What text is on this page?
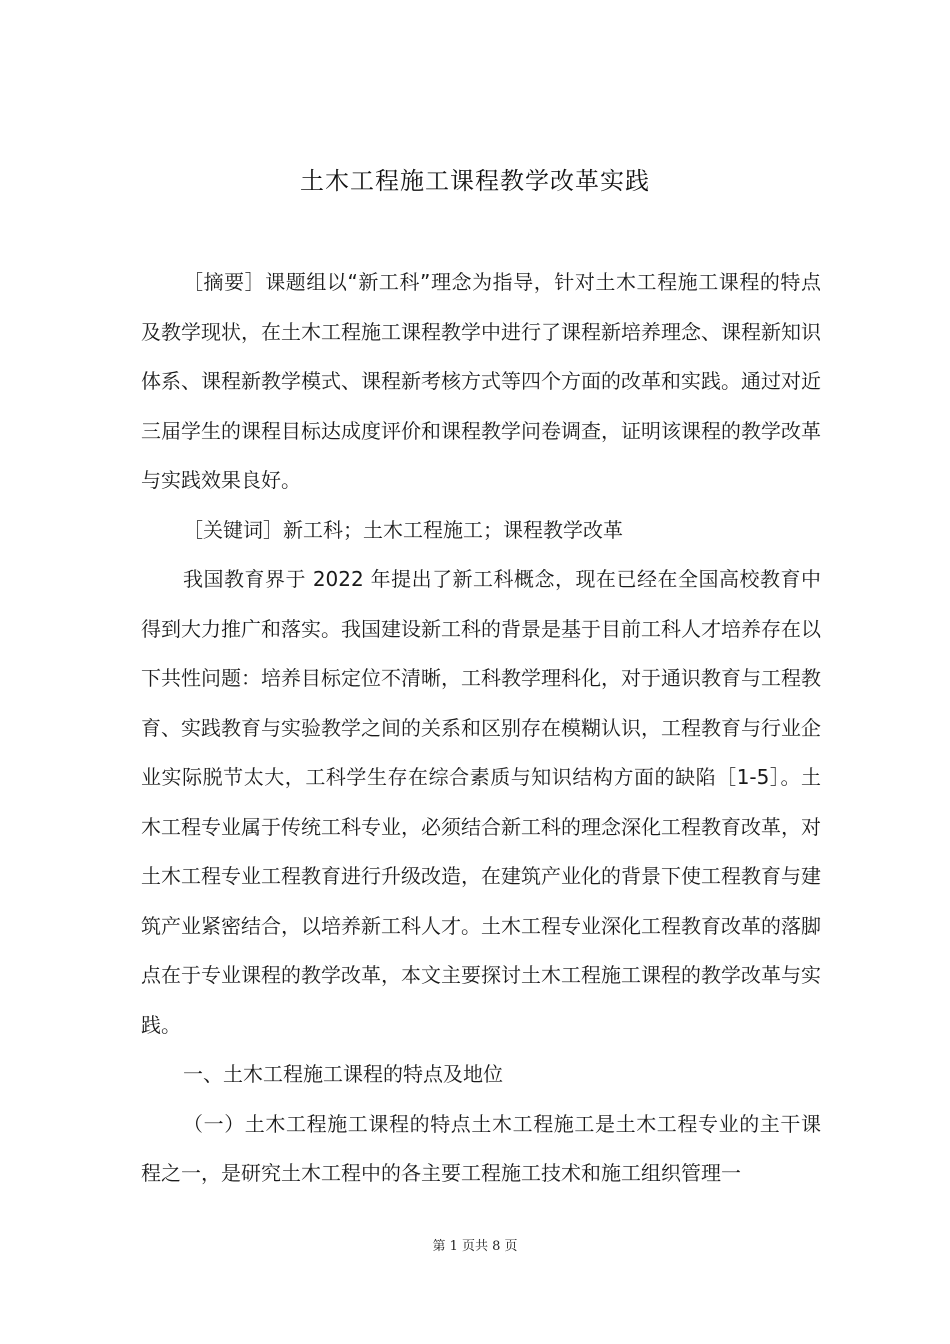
土木工程施工课程教学改革实践

［摘要］课题组以“新工科”理念为指导，针对土木工程施工课程的特点及教学现状，在土木工程施工课程教学中进行了课程新培养理念、课程新知识体系、课程新教学模式、课程新考核方式等四个方面的改革和实践。通过对近三届学生的课程目标达成度评价和课程教学问卷调查，证明该课程的教学改革与实践效果良好。

［关键词］新工科；土木工程施工；课程教学改革

我国教育界于 2022 年提出了新工科概念，现在已经在全国高校教育中得到大力推广和落实。我国建设新工科的背景是基于目前工科人才培养存在以下共性问题：培养目标定位不清晰，工科教学理科化，对于通识教育与工程教育、实践教育与实验教学之间的关系和区别存在模糊认识，工程教育与行业企业实际脱节太大，工科学生存在综合素质与知识结构方面的缺陷［1-5］。土木工程专业属于传统工科专业，必须结合新工科的理念深化工程教育改革，对土木工程专业工程教育进行升级改造，在建筑产业化的背景下使工程教育与建筑产业紧密结合，以培养新工科人才。土木工程专业深化工程教育改革的落脚点在于专业课程的教学改革，本文主要探讨土木工程施工课程的教学改革与实践。

一、土木工程施工课程的特点及地位

（一）土木工程施工课程的特点土木工程施工是土木工程专业的主干课程之一，是研究土木工程中的各主要工程施工技术和施工组织管理一

第 1 页共 8 页
